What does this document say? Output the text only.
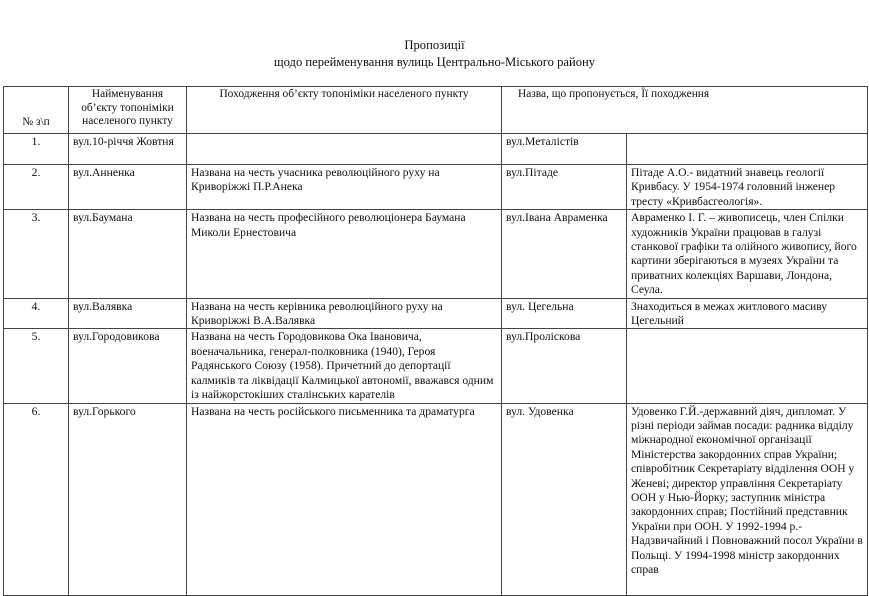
Пропозиції
щодо перейменування вулиць Центрально-Міського району
№ з\п	Найменування об’єкту топоніміки населеного пункту	Походження об’єкту топоніміки населеного пункту	Назва, що пропонується, Її походження	
1.	вул.10-річчя Жовтня		вул.Металістів	
2.	вул.Анненка	Названа на честь учасника революційного руху на Криворіжжі П.Р.Анека	вул.Пітаде	Пітаде А.О.- видатний знавець геології Кривбасу. У 1954-1974 головний інженер тресту «Кривбасгеологія».
3.	вул.Баумана	Названа на честь професійного революціонера Баумана Миколи Ернестовича	вул.Івана Авраменка	Авраменко І. Г. – живописець, член Спілки художників України працював в галузі станкової графіки та олійного живопису, його картини зберігаються в музеях України та приватних колекціях Варшави, Лондона, Сеула.
4.	вул.Валявка	Названа на честь керівника революційного руху на Криворіжжі В.А.Валявка	вул. Цегельна	Знаходиться в межах житлового масиву Цегельний
5.	вул.Городовикова	Названа на честь Городовикова Ока Івановича, военачальника, генерал-полковника (1940), Героя Радянського Союзу (1958). Причетний до депортації калмиків та ліквідації Калмицької автономії, вважався одним із найжорстокіших сталінських карателів	вул.Проліскова	
6.	вул.Горького	Названа на честь російського письменника та драматурга	вул. Удовенка	Удовенко Г.Й.-державний діяч, дипломат. У різні періоди займав посади: радника відділу міжнародної економічної організації Міністерства закордонних справ України; співробітник Секретаріату відділення ООН у Женеві; директор управління Секретаріату ООН у Нью-Йорку; заступник міністра закордонних справ; Постійний представник України при ООН. У 1992-1994 р.- Надзвичайний і Повноважний посол України в Польщі. У 1994-1998 міністр закордонних справ
